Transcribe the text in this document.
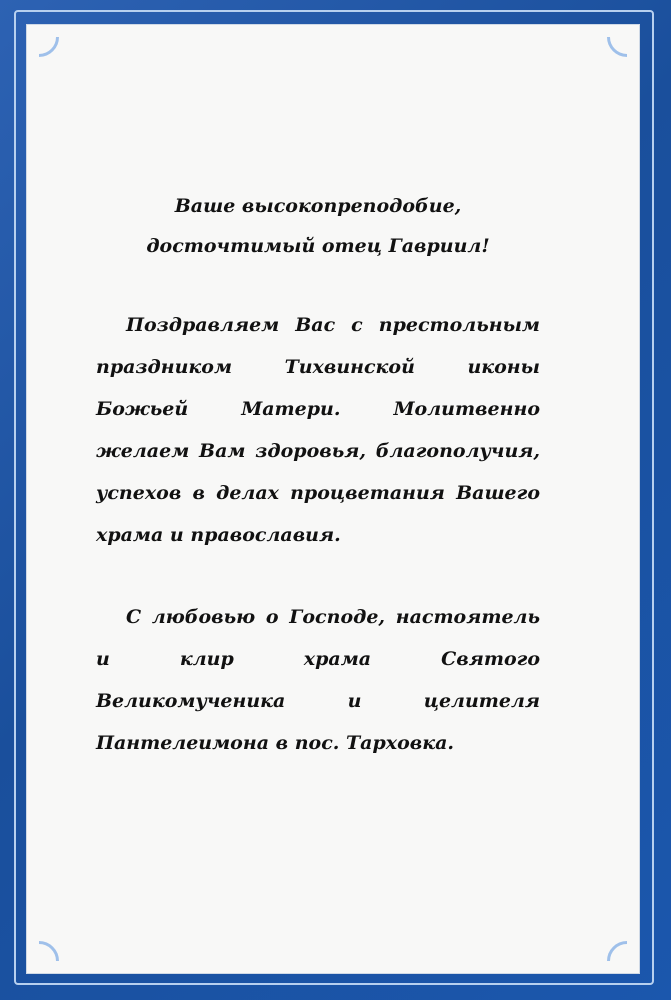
Ваше высокопреподобие,
досточтимый отец Гавриил!
Поздравляем Вас с престольным праздником Тихвинской иконы Божьей Матери. Молитвенно желаем Вам здоровья, благополучия, успехов в делах процветания Вашего храма и православия.
С любовью о Господе, настоятель и клир храма Святого Великомученика и целителя Пантелеимона в пос. Тарховка.
